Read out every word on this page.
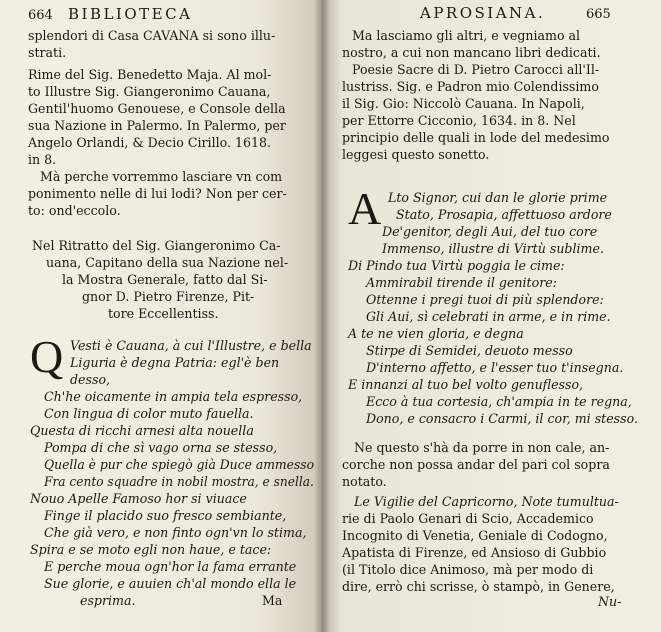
664 BIBLIOTECA
splendori di Casa CAVANA si sono illu-
strati.
Rime del Sig. Benedetto Maja. Al mol-
to Illustre Sig. Giangeronimo Cauana,
Gentil'huomo Genouese, e Console della
sua Nazione in Palermo. In Palermo, per
Angelo Orlandi, & Decio Cirillo. 1618.
in 8.
Mà perche vorremmo lasciare vn com
ponimento nelle di lui lodi? Non per cer-
to: ond'eccolo.
Nel Ritratto del Sig. Giangeronimo Ca-
uana, Capitano della sua Nazione nel-
la Mostra Generale, fatto dal Si-
gnor D. Pietro Firenze, Pit-
tore Eccellentiss.
Q Vesti è Cauana, à cui l'Illustre, e bella
Liguria è degna Patria: egl'è ben
desso,
Ch'he oicamente in ampia tela espresso,
Con lingua di color muto fauella.
Questa di ricchi arnesi alta nouella
Pompa di che sì vago orna se stesso,
Quella è pur che spiegò già Duce ammesso
Fra cento squadre in nobil mostra, e snella.
Nouo Apelle Famoso hor si viuace
Finge il placido suo fresco sembiante,
Che già vero, e non finto ogn'vn lo stima,
Spira e se moto egli non haue, e tace:
E perche moua ogn'hor la fama errante
Sue glorie, e auuien ch'al mondo ella le
esprima.	Ma
APROSIANA.	665
Ma lasciamo gli altri, e vegniamo al
nostro, a cui non mancano libri dedicati.
Poesie Sacre di D. Pietro Carocci all'Il-
lustriss. Sig. e Padron mio Colendissimo
il Sig. Gio: Niccolò Cauana. In Napoli,
per Ettorre Cicconio, 1634. in 8. Nel
principio delle quali in lode del medesimo
leggesi questo sonetto.
A Lto Signor, cui dan le glorie prime
Stato, Prosapia, affettuoso ardore
De'genitor, degli Aui, del tuo core
Immenso, illustre di Virtù sublime.
Di Pindo tua Virtù poggia le cime:
Ammirabil tirende il genitore:
Ottenne i pregi tuoi di più splendore:
Gli Aui, sì celebrati in arme, e in rime.
A te ne vien gloria, e degna
Stirpe di Semidei, deuoto messo
D'interno affetto, e l'esser tuo t'insegna.
E innanzi al tuo bel volto genuflesso,
Ecco à tua cortesia, ch'ampia in te regna,
Dono, e consacro i Carmi, il cor, mi stesso.
Ne questo s'hà da porre in non cale, an-
corche non possa andar del pari col sopra
notato.
Le Vigilie del Capricorno, Note tumultua-
rie di Paolo Genari di Scio, Accademico
Incognito di Venetia, Geniale di Codogno,
Apatista di Firenze, ed Ansioso di Gubbio
(il Titolo dice Animoso, mà per modo di
dire, errò chi scrisse, ò stampò, in Genere,
Nu-
